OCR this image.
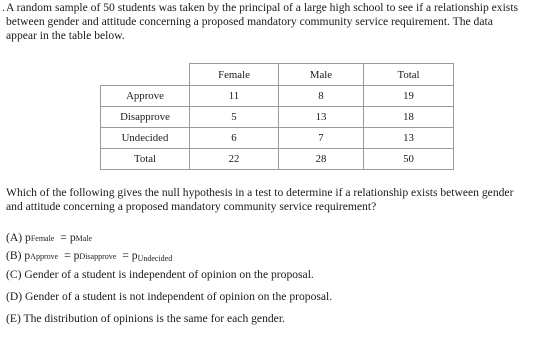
. A random sample of 50 students was taken by the principal of a large high school to see if a relationship exists between gender and attitude concerning a proposed mandatory community service requirement. The data appear in the table below.

	Female	Male	Total
Approve	11	8	19
Disapprove	5	13	18
Undecided	6	7	13
Total	22	28	50

Which of the following gives the null hypothesis in a test to determine if a relationship exists between gender and attitude concerning a proposed mandatory community service requirement?

(A) pFemale = pMale
(B) pApprove = pDisapprove = pUndecided
(C) Gender of a student is independent of opinion on the proposal.
(D) Gender of a student is not independent of opinion on the proposal.
(E) The distribution of opinions is the same for each gender.
